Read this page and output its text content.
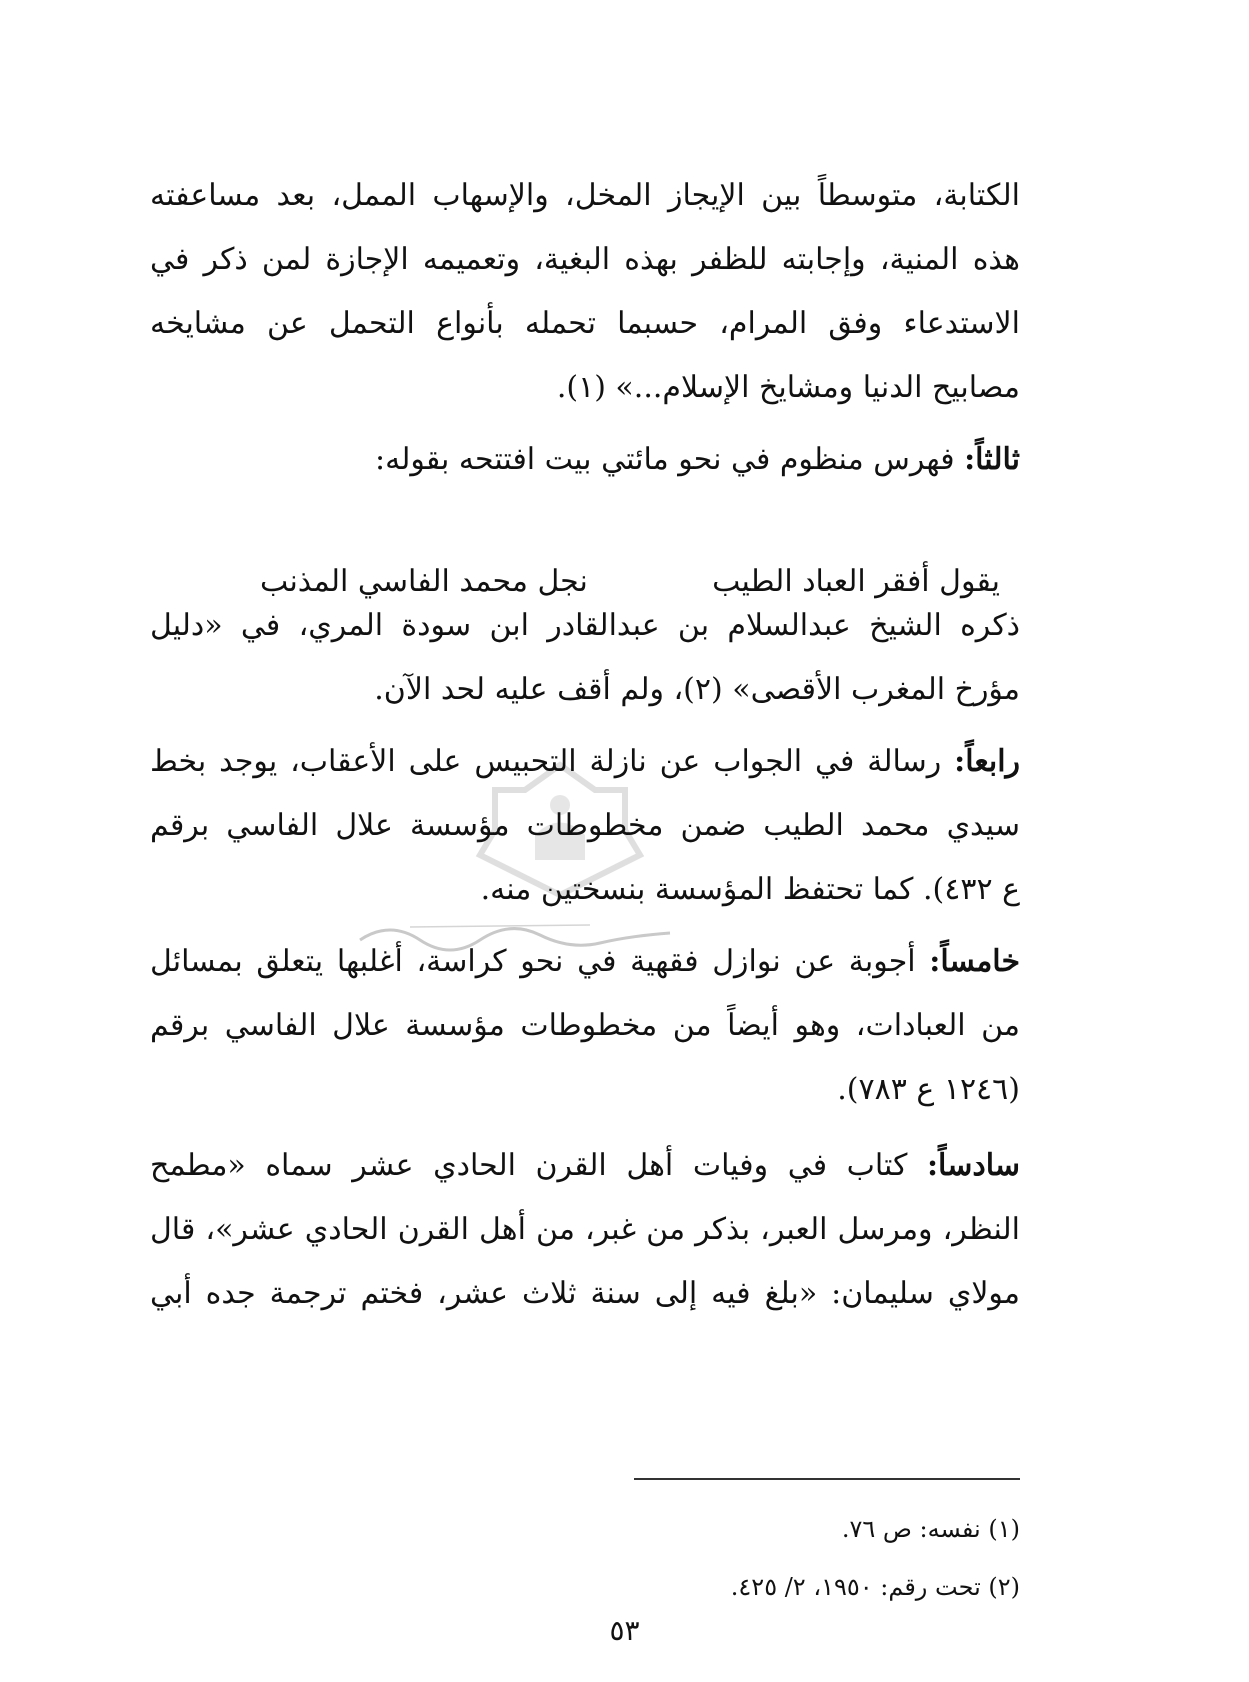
الكتابة، متوسطاً بين الإيجاز المخل، والإسهاب الممل، بعد مساعفته
هذه المنية، وإجابته للظفر بهذه البغية، وتعميمه الإجازة لمن ذكر في
الاستدعاء وفق المرام، حسبما تحمله بأنواع التحمل عن مشايخه
مصابيح الدنيا ومشايخ الإسلام...» (١).
ثالثاً: فهرس منظوم في نحو مائتي بيت افتتحه بقوله:
يقول أفقر العباد الطيب
نجل محمد الفاسي المذنب
ذكره الشيخ عبدالسلام بن عبدالقادر ابن سودة المري، في «دليل
مؤرخ المغرب الأقصى» (٢)، ولم أقف عليه لحد الآن.
رابعاً: رسالة في الجواب عن نازلة التحبيس على الأعقاب، يوجد بخط
سيدي محمد الطيب ضمن مخطوطات مؤسسة علال الفاسي برقم
ع ٤٣٢). كما تحتفظ المؤسسة بنسختين منه.
خامساً: أجوبة عن نوازل فقهية في نحو كراسة، أغلبها يتعلق بمسائل
من العبادات، وهو أيضاً من مخطوطات مؤسسة علال الفاسي برقم
(١٢٤٦ ع ٧٨٣).
سادساً: كتاب في وفيات أهل القرن الحادي عشر سماه «مطمح
النظر، ومرسل العبر، بذكر من غبر، من أهل القرن الحادي عشر»، قال
مولاي سليمان: «بلغ فيه إلى سنة ثلاث عشر، فختم ترجمة جده أبي
(١) نفسه: ص ٧٦.
(٢) تحت رقم: ١٩٥٠، ٢/ ٤٢٥.
٥٣
